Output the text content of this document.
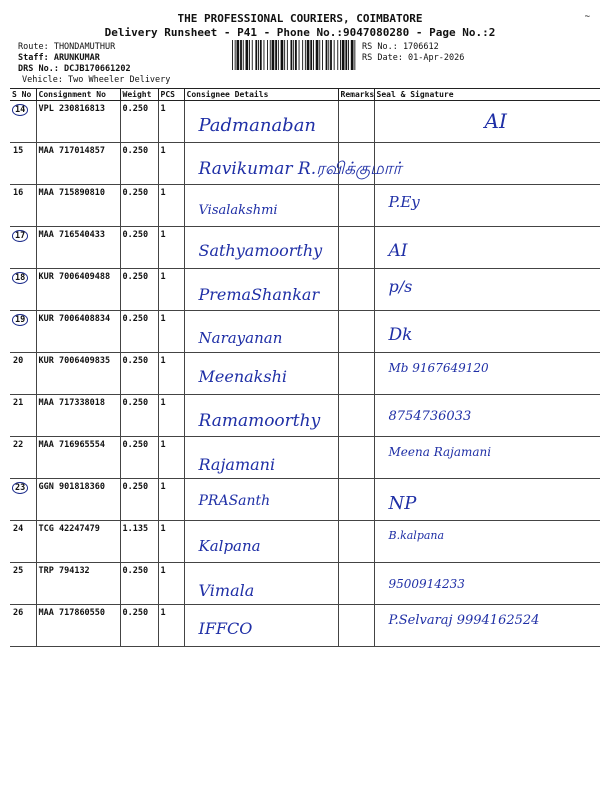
THE PROFESSIONAL COURIERS, COIMBATORE
Delivery Runsheet - P41 - Phone No.:9047080280 - Page No.:2
~
Route: THONDAMUTHUR
Staff: ARUNKUMAR
DRS No.: DCJB170661202
Vehicle: Two Wheeler Delivery
RS No.: 1706612
RS Date: 01-Apr-2026
S No	Consignment No	Weight	PCS	Consignee Details	Remarks	Seal & Signature
14	VPL 230816813	0.250	1	Padmanaban		AI

15	MAA 717014857	0.250	1	Ravikumar R.ரவிக்குமார்		

16	MAA 715890810	0.250	1	Visalakshmi		P.Ey

17	MAA 716540433	0.250	1	Sathyamoorthy		AI

18	KUR 7006409488	0.250	1	PremaShankar		p/s

19	KUR 7006408834	0.250	1	Narayanan		Dk

20	KUR 7006409835	0.250	1	Meenakshi		Mb 9167649120

21	MAA 717338018	0.250	1	Ramamoorthy		8754736033

22	MAA 716965554	0.250	1	Rajamani		Meena Rajamani

23	GGN 901818360	0.250	1	PRASanth		NP

24	TCG 42247479	1.135	1	Kalpana		B.kalpana

25	TRP 794132	0.250	1	Vimala		9500914233

26	MAA 717860550	0.250	1	IFFCO		P.Selvaraj 9994162524
